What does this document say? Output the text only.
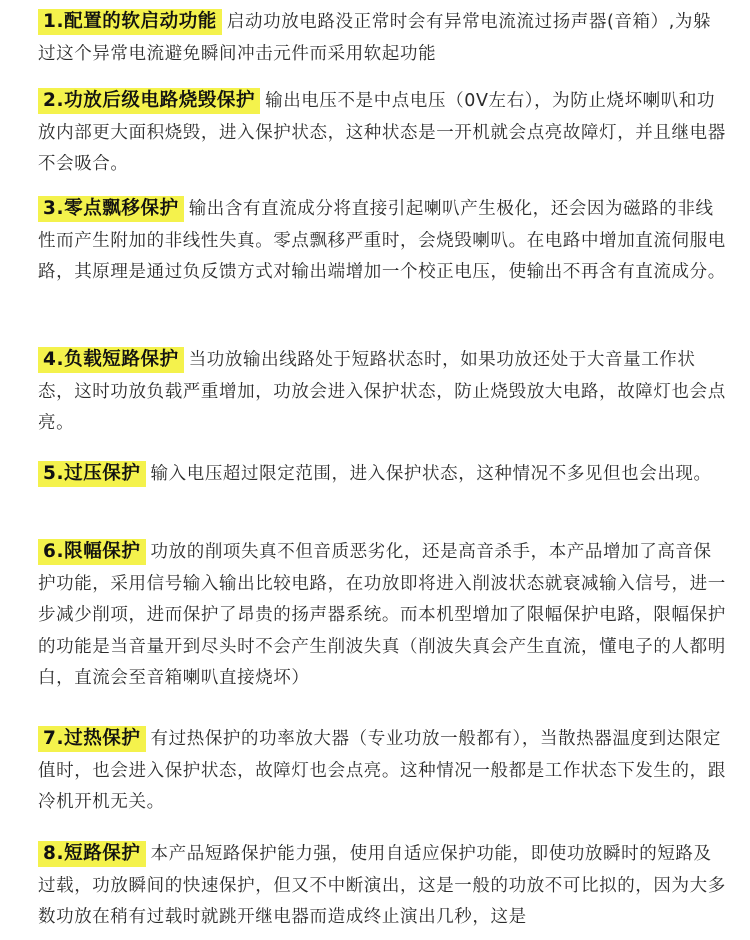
1.配置的软启动功能 启动功放电路没正常时会有异常电流流过扬声器(音箱）,为躲过这个异常电流避免瞬间冲击元件而采用软起功能

2.功放后级电路烧毁保护 输出电压不是中点电压（0V左右），为防止烧坏喇叭和功放内部更大面积烧毁，进入保护状态，这种状态是一开机就会点亮故障灯，并且继电器不会吸合。

3.零点飘移保护 输出含有直流成分将直接引起喇叭产生极化，还会因为磁路的非线性而产生附加的非线性失真。零点飘移严重时，会烧毁喇叭。在电路中增加直流伺服电路，其原理是通过负反馈方式对输出端增加一个校正电压，使输出不再含有直流成分。

4.负载短路保护 当功放输出线路处于短路状态时，如果功放还处于大音量工作状态，这时功放负载严重增加，功放会进入保护状态，防止烧毁放大电路，故障灯也会点亮。

5.过压保护 输入电压超过限定范围，进入保护状态，这种情况不多见但也会出现。

6.限幅保护 功放的削项失真不但音质恶劣化，还是高音杀手，本产品增加了高音保护功能，采用信号输入输出比较电路，在功放即将进入削波状态就衰减输入信号，进一步减少削项，进而保护了昂贵的扬声器系统。而本机型增加了限幅保护电路，限幅保护的功能是当音量开到尽头时不会产生削波失真（削波失真会产生直流，懂电子的人都明白，直流会至音箱喇叭直接烧坏）

7.过热保护 有过热保护的功率放大器（专业功放一般都有），当散热器温度到达限定值时，也会进入保护状态，故障灯也会点亮。这种情况一般都是工作状态下发生的，跟冷机开机无关。

8.短路保护 本产品短路保护能力强，使用自适应保护功能，即使功放瞬时的短路及过载，功放瞬间的快速保护，但又不中断演出，这是一般的功放不可比拟的，因为大多数功放在稍有过载时就跳开继电器而造成终止演出几秒，这是
